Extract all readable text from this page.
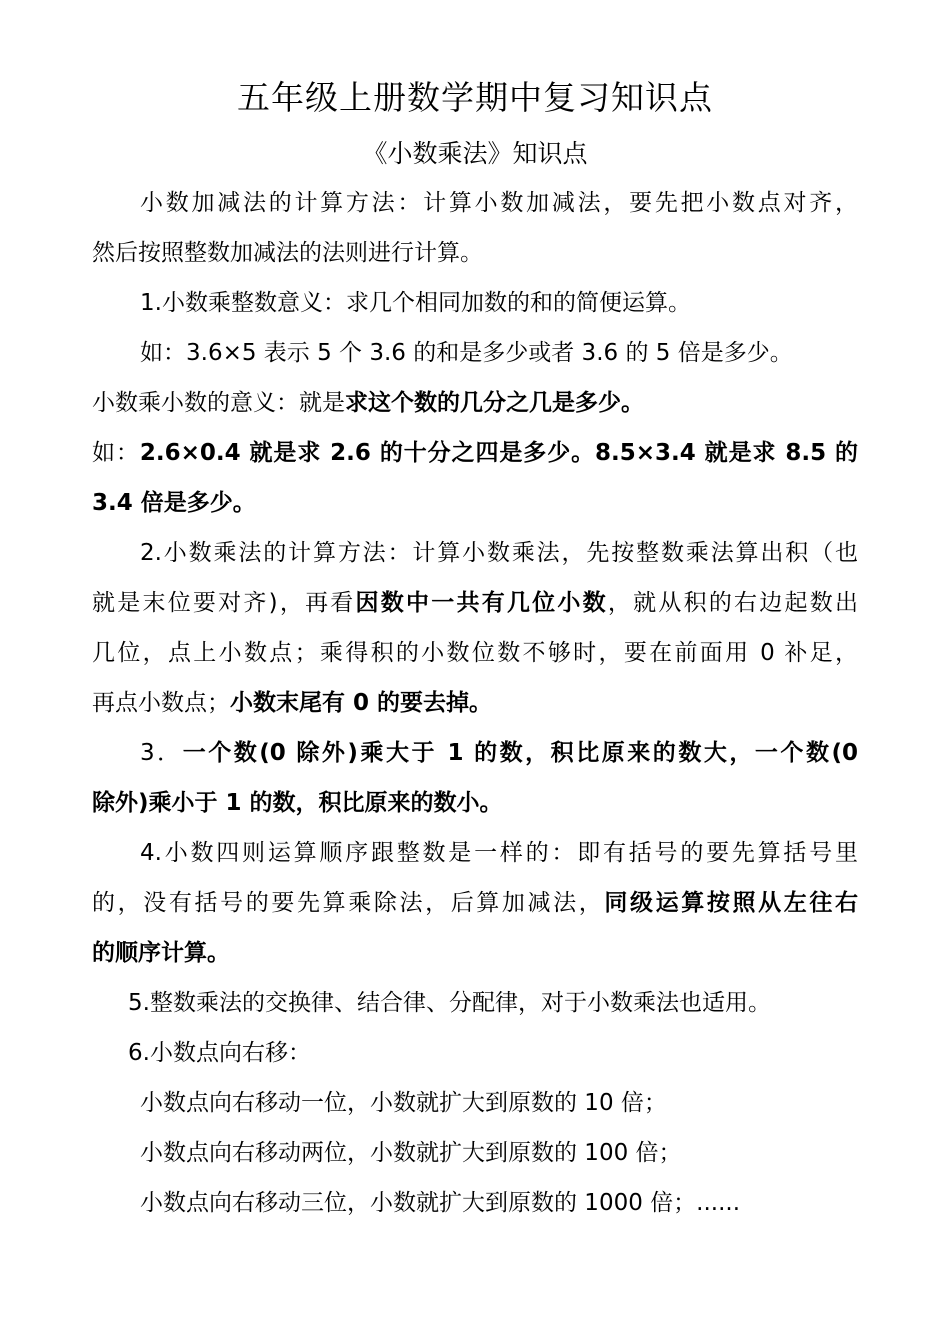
五年级上册数学期中复习知识点
《小数乘法》知识点
小数加减法的计算方法：计算小数加减法，要先把小数点对齐，
然后按照整数加减法的法则进行计算。
1.小数乘整数意义：求几个相同加数的和的简便运算。
如：3.6×5 表示 5 个 3.6 的和是多少或者 3.6 的 5 倍是多少。
小数乘小数的意义：就是求这个数的几分之几是多少。
如：2.6×0.4 就是求 2.6 的十分之四是多少。8.5×3.4 就是求 8.5 的
3.4 倍是多少。
2.小数乘法的计算方法：计算小数乘法，先按整数乘法算出积（也
就是末位要对齐)，再看因数中一共有几位小数，就从积的右边起数出
几位，点上小数点；乘得积的小数位数不够时，要在前面用 0 补足，
再点小数点；小数末尾有 0 的要去掉。
3．一个数(0 除外)乘大于 1 的数，积比原来的数大，一个数(0
除外)乘小于 1 的数，积比原来的数小。
4.小数四则运算顺序跟整数是一样的：即有括号的要先算括号里
的，没有括号的要先算乘除法，后算加减法，同级运算按照从左往右
的顺序计算。
5.整数乘法的交换律、结合律、分配律，对于小数乘法也适用。
6.小数点向右移：
小数点向右移动一位，小数就扩大到原数的 10 倍；
小数点向右移动两位，小数就扩大到原数的 100 倍；
小数点向右移动三位，小数就扩大到原数的 1000 倍；......
